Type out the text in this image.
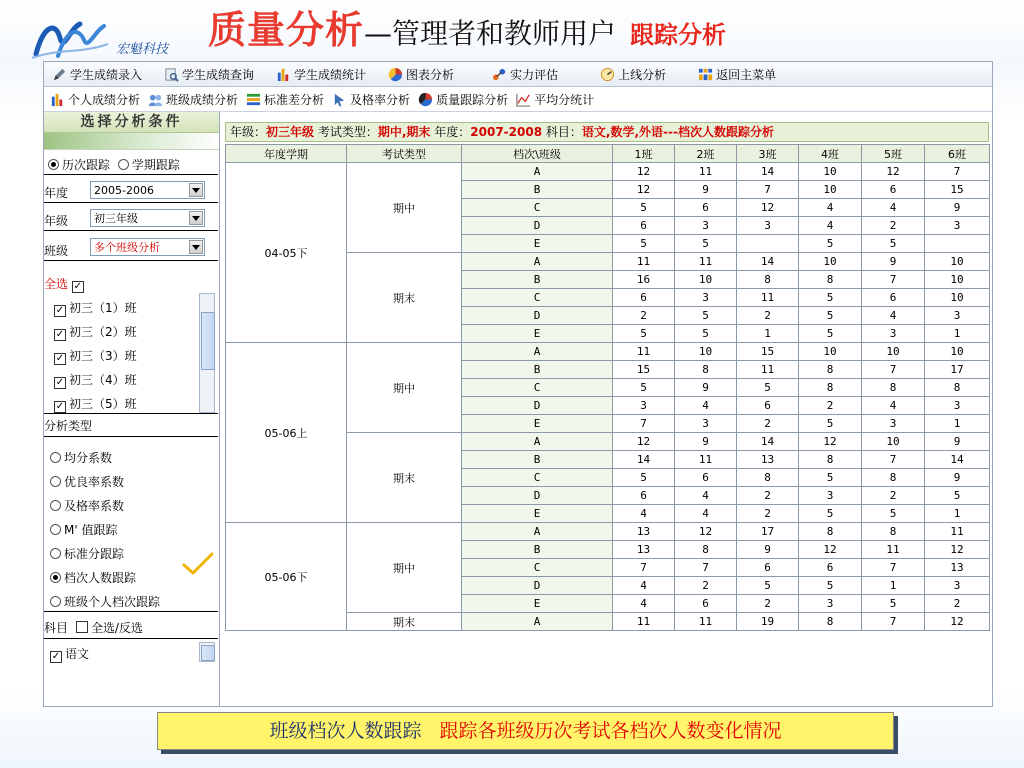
宏魁科技 质量分析—管理者和教师用户 跟踪分析
学生成绩录入	学生成绩查询	学生成绩统计	图表分析	实力评估	上线分析	返回主菜单
个人成绩分析 班级成绩分析 标准差分析 及格率分析 质量跟踪分析 平均分统计
选择分析条件
历次跟踪 学期跟踪
年度	2005-2006
年级	初三年级
班级	多个班级分析
全选 ✓
✓ 初三（1）班
✓ 初三（2）班
✓ 初三（3）班
✓ 初三（4）班
✓ 初三（5）班
分析类型
均分系数
优良率系数
及格率系数
M' 值跟踪
标准分跟踪
档次人数跟踪
班级个人档次跟踪
科目 全选/反选
✓ 语文
年级：初三年级 考试类型：期中,期末 年度：2007-2008 科目：语文,数学,外语---档次人数跟踪分析
年度学期	考试类型	档次\班级	1班	2班	3班	4班	5班	6班
04-05下	期中	A	12	11	14	10	12	7
		B	12	9	7	10	6	15
		C	5	6	12	4	4	9
		D	6	3	3	4	2	3
		E	5	5		5	5	
	期末	A	11	11	14	10	9	10
		B	16	10	8	8	7	10
		C	6	3	11	5	6	10
		D	2	5	2	5	4	3
		E	5	5	1	5	3	1
05-06上	期中	A	11	10	15	10	10	10
		B	15	8	11	8	7	17
		C	5	9	5	8	8	8
		D	3	4	6	2	4	3
		E	7	3	2	5	3	1
	期末	A	12	9	14	12	10	9
		B	14	11	13	8	7	14
		C	5	6	8	5	8	9
		D	6	4	2	3	2	5
		E	4	4	2	5	5	1
05-06下	期中	A	13	12	17	8	8	11
		B	13	8	9	12	11	12
		C	7	7	6	6	7	13
		D	4	2	5	5	1	3
		E	4	6	2	3	5	2
	期末	A	11	11	19	8	7	12
班级档次人数跟踪 跟踪各班级历次考试各档次人数变化情况
